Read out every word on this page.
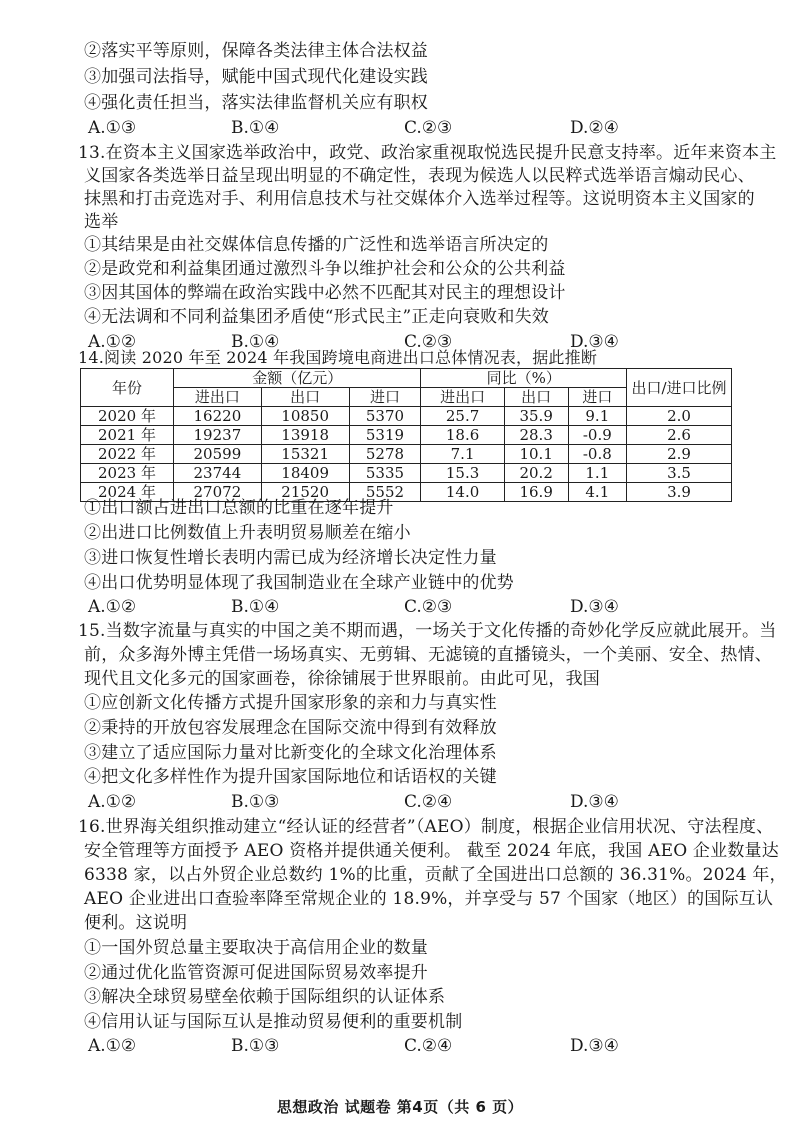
②落实平等原则，保障各类法律主体合法权益
③加强司法指导，赋能中国式现代化建设实践
④强化责任担当，落实法律监督机关应有职权
A.①③	B.①④	C.②③	D.②④
13.在资本主义国家选举政治中，政党、政治家重视取悦选民提升民意支持率。近年来资本主
义国家各类选举日益呈现出明显的不确定性，表现为候选人以民粹式选举语言煽动民心、
抹黑和打击竞选对手、利用信息技术与社交媒体介入选举过程等。这说明资本主义国家的
选举
①其结果是由社交媒体信息传播的广泛性和选举语言所决定的
②是政党和利益集团通过激烈斗争以维护社会和公众的公共利益
③因其国体的弊端在政治实践中必然不匹配其对民主的理想设计
④无法调和不同利益集团矛盾使“形式民主”正走向衰败和失效
A.①②	B.①④	C.②③	D.③④
14.阅读 2020 年至 2024 年我国跨境电商进出口总体情况表，据此推断
年份	金额（亿元）			同比（%）			出口/进口比例
	进出口	出口	进口	进出口	出口	进口	
2020 年	16220	10850	5370	25.7	35.9	9.1	2.0
2021 年	19237	13918	5319	18.6	28.3	-0.9	2.6
2022 年	20599	15321	5278	7.1	10.1	-0.8	2.9
2023 年	23744	18409	5335	15.3	20.2	1.1	3.5
2024 年	27072	21520	5552	14.0	16.9	4.1	3.9
①出口额占进出口总额的比重在逐年提升
②出进口比例数值上升表明贸易顺差在缩小
③进口恢复性增长表明内需已成为经济增长决定性力量
④出口优势明显体现了我国制造业在全球产业链中的优势
A.①②	B.①④	C.②③	D.③④
15.当数字流量与真实的中国之美不期而遇，一场关于文化传播的奇妙化学反应就此展开。当
前，众多海外博主凭借一场场真实、无剪辑、无滤镜的直播镜头，一个美丽、安全、热情、
现代且文化多元的国家画卷，徐徐铺展于世界眼前。由此可见，我国
①应创新文化传播方式提升国家形象的亲和力与真实性
②秉持的开放包容发展理念在国际交流中得到有效释放
③建立了适应国际力量对比新变化的全球文化治理体系
④把文化多样性作为提升国家国际地位和话语权的关键
A.①②	B.①③	C.②④	D.③④
16.世界海关组织推动建立“经认证的经营者”（AEO）制度，根据企业信用状况、守法程度、
安全管理等方面授予 AEO 资格并提供通关便利。 截至 2024 年底，我国 AEO 企业数量达
6338 家，以占外贸企业总数约 1%的比重，贡献了全国进出口总额的 36.31%。2024 年，
AEO 企业进出口查验率降至常规企业的 18.9%，并享受与 57 个国家（地区）的国际互认
便利。这说明
①一国外贸总量主要取决于高信用企业的数量
②通过优化监管资源可促进国际贸易效率提升
③解决全球贸易壁垒依赖于国际组织的认证体系
④信用认证与国际互认是推动贸易便利的重要机制
A.①②	B.①③	C.②④	D.③④
思想政治 试题卷 第4页（共 6 页）
